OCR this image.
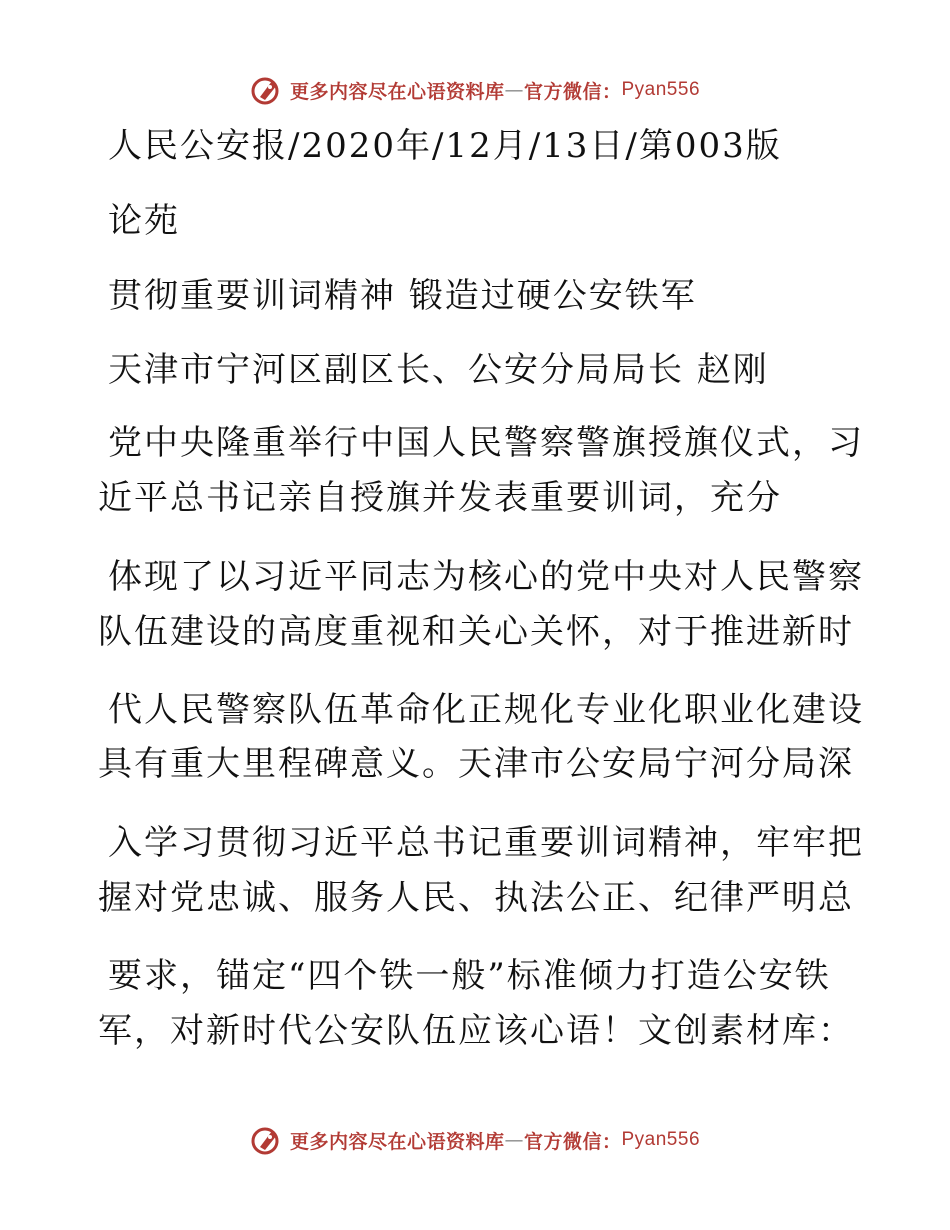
更多内容尽在心语资料库 — 官方微信： Pyan556
人民公安报/2020年/12月/13日/第003版
论苑
贯彻重要训词精神 锻造过硬公安铁军
天津市宁河区副区长、公安分局局长 赵刚
党中央隆重举行中国人民警察警旗授旗仪式，习
近平总书记亲自授旗并发表重要训词，充分
体现了以习近平同志为核心的党中央对人民警察
队伍建设的高度重视和关心关怀，对于推进新时
代人民警察队伍革命化正规化专业化职业化建设
具有重大里程碑意义。天津市公安局宁河分局深
入学习贯彻习近平总书记重要训词精神，牢牢把
握对党忠诚、服务人民、执法公正、纪律严明总
要求，锚定“四个铁一般”标准倾力打造公安铁
军，对新时代公安队伍应该心语！文创素材库：
更多内容尽在心语资料库 — 官方微信： Pyan556
